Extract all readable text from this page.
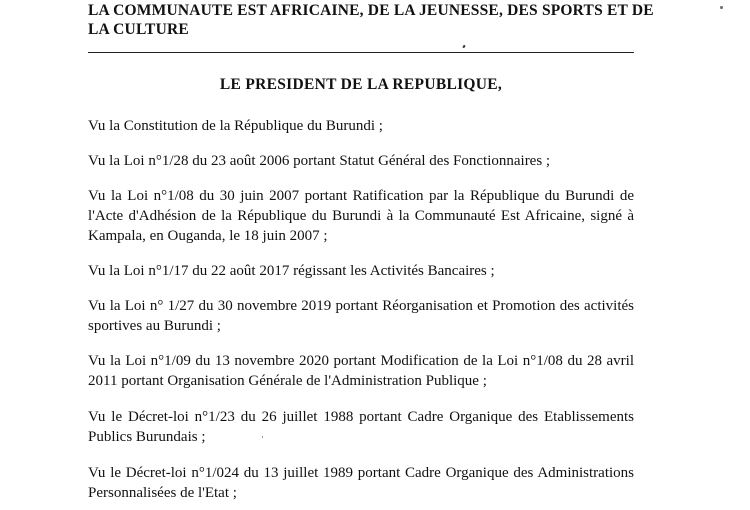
LA COMMUNAUTE EST AFRICAINE, DE LA JEUNESSE, DES SPORTS ET DE
LA CULTURE
LE PRESIDENT DE LA REPUBLIQUE,
Vu la Constitution de la République du Burundi ;
Vu la Loi n°1/28 du 23 août 2006 portant Statut Général des Fonctionnaires ;
Vu la Loi n°1/08 du 30 juin 2007 portant Ratification par la République du Burundi de
l'Acte d'Adhésion de la République du Burundi à la Communauté Est Africaine, signé à
Kampala, en Ouganda, le 18 juin 2007 ;
Vu la Loi n°1/17 du 22 août 2017 régissant les Activités Bancaires ;
Vu la Loi n° 1/27 du 30 novembre 2019 portant Réorganisation et Promotion des activités
sportives au Burundi ;
Vu la Loi n°1/09 du 13 novembre 2020 portant Modification de la Loi n°1/08 du 28 avril
2011 portant Organisation Générale de l'Administration Publique ;
Vu le Décret-loi n°1/23 du 26 juillet 1988 portant Cadre Organique des Etablissements
Publics Burundais ;
Vu le Décret-loi n°1/024 du 13 juillet 1989 portant Cadre Organique des Administrations
Personnalisées de l'Etat ;
